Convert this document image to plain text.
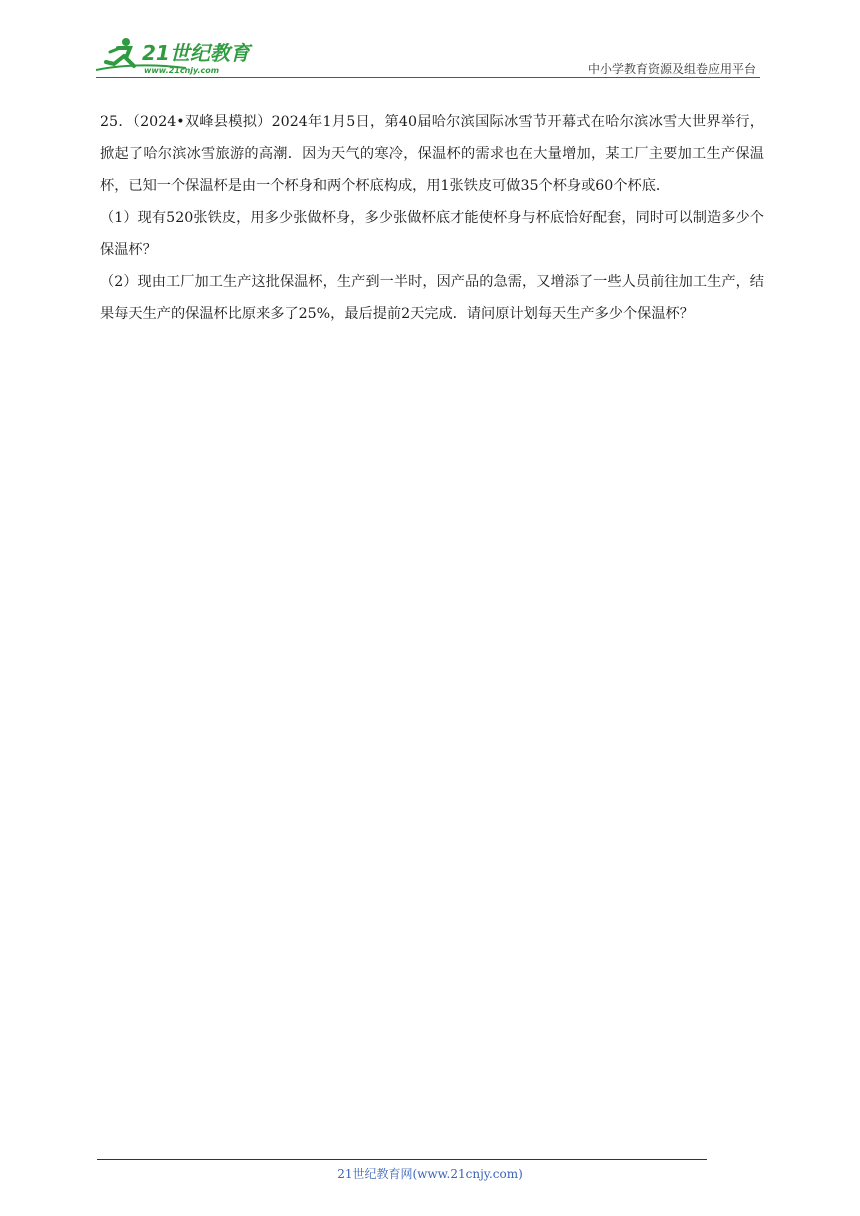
21世纪教育
www.21cnjy.com	中小学教育资源及组卷应用平台

25．（2024•双峰县模拟）2024年1月5日，第40届哈尔滨国际冰雪节开幕式在哈尔滨冰雪大世界举行，掀起了哈尔滨冰雪旅游的高潮．因为天气的寒冷，保温杯的需求也在大量增加，某工厂主要加工生产保温杯，已知一个保温杯是由一个杯身和两个杯底构成，用1张铁皮可做35个杯身或60个杯底．

（1）现有520张铁皮，用多少张做杯身，多少张做杯底才能使杯身与杯底恰好配套，同时可以制造多少个保温杯？

（2）现由工厂加工生产这批保温杯，生产到一半时，因产品的急需，又增添了一些人员前往加工生产，结果每天生产的保温杯比原来多了25%，最后提前2天完成．请问原计划每天生产多少个保温杯？

21世纪教育网(www.21cnjy.com)
